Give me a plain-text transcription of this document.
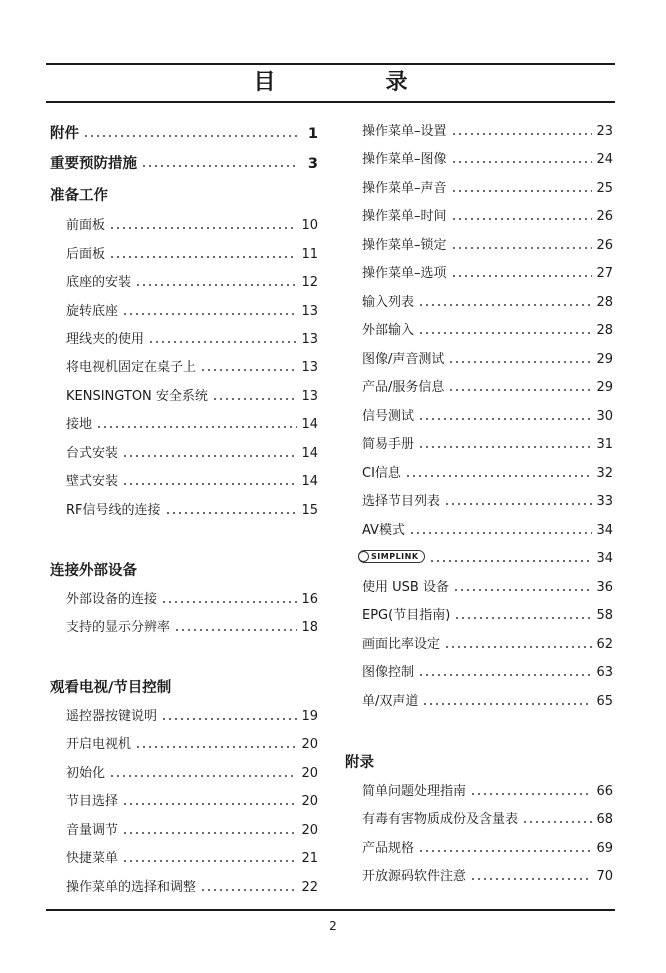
目　录
附件	1
重要预防措施	3
准备工作
前面板	10
后面板	11
底座的安装	12
旋转底座	13
理线夹的使用	13
将电视机固定在桌子上	13
KENSINGTON 安全系统	13
接地	14
台式安装	14
壁式安装	14
RF信号线的连接	15
连接外部设备
外部设备的连接	16
支持的显示分辨率	18
观看电视/节目控制
遥控器按键说明	19
开启电视机	20
初始化	20
节目选择	20
音量调节	20
快捷菜单	21
操作菜单的选择和调整	22
操作菜单–设置	23
操作菜单–图像	24
操作菜单–声音	25
操作菜单–时间	26
操作菜单–锁定	26
操作菜单–选项	27
输入列表	28
外部输入	28
图像/声音测试	29
产品/服务信息	29
信号测试	30
简易手册	31
CI信息	32
选择节目列表	33
AV模式	34
SIMPLINK	34
使用 USB 设备	36
EPG(节目指南)	58
画面比率设定	62
图像控制	63
单/双声道	65
附录
简单问题处理指南	66
有毒有害物质成份及含量表	68
产品规格	69
开放源码软件注意	70
2
